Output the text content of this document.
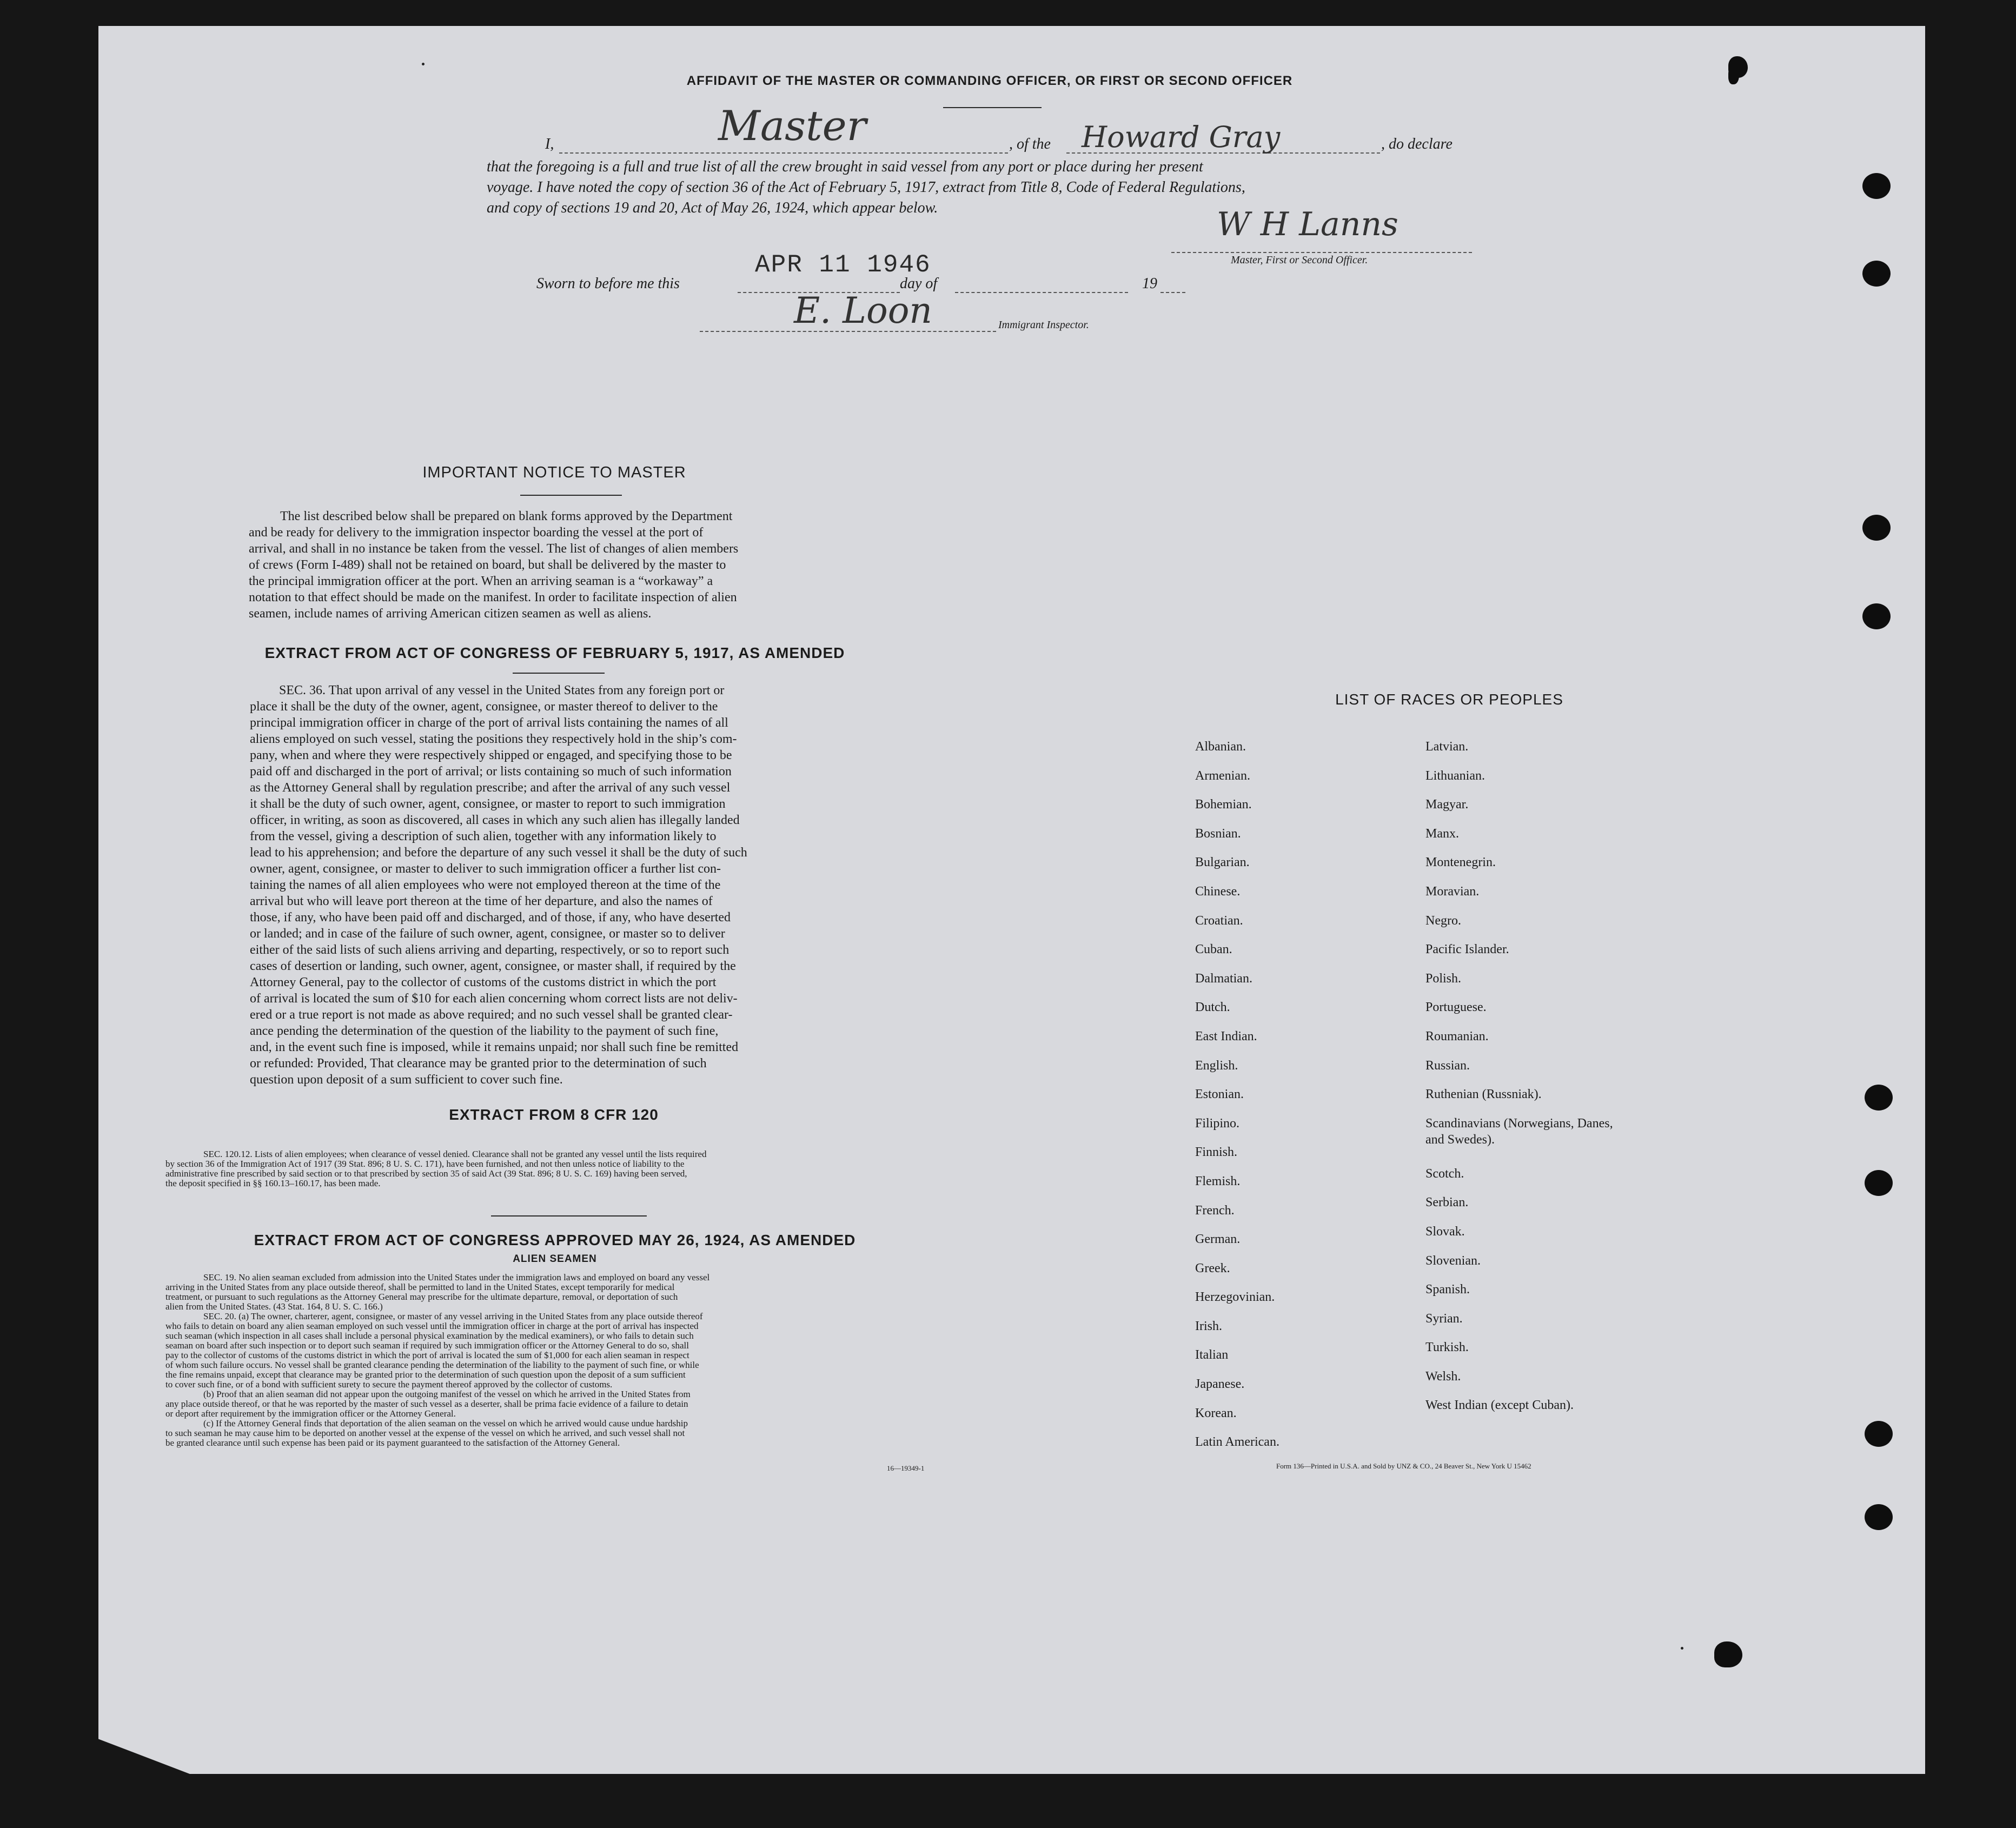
AFFIDAVIT OF THE MASTER OR COMMANDING OFFICER, OR FIRST OR SECOND OFFICER
I,	Master	, of the Howard Gray	, do declare
that the foregoing is a full and true list of all the crew brought in said vessel from any port or place during her present
voyage. I have noted the copy of section 36 of the Act of February 5, 1917, extract from Title 8, Code of Federal Regulations,
and copy of sections 19 and 20, Act of May 26, 1924, which appear below.	W H Lanns
Master, First or Second Officer.
Sworn to before me this
APR 11 1946
day of	19
E. Loon	Immigrant Inspector.
IMPORTANT NOTICE TO MASTER
The list described below shall be prepared on blank forms approved by the Department
and be ready for delivery to the immigration inspector boarding the vessel at the port of
arrival, and shall in no instance be taken from the vessel. The list of changes of alien members
of crews (Form I-489) shall not be retained on board, but shall be delivered by the master to
the principal immigration officer at the port. When an arriving seaman is a “workaway” a
notation to that effect should be made on the manifest. In order to facilitate inspection of alien
seamen, include names of arriving American citizen seamen as well as aliens.
EXTRACT FROM ACT OF CONGRESS OF FEBRUARY 5, 1917, AS AMENDED
SEC. 36. That upon arrival of any vessel in the United States from any foreign port or
place it shall be the duty of the owner, agent, consignee, or master thereof to deliver to the
principal immigration officer in charge of the port of arrival lists containing the names of all
aliens employed on such vessel, stating the positions they respectively hold in the ship’s com-
pany, when and where they were respectively shipped or engaged, and specifying those to be
paid off and discharged in the port of arrival; or lists containing so much of such information
as the Attorney General shall by regulation prescribe; and after the arrival of any such vessel
it shall be the duty of such owner, agent, consignee, or master to report to such immigration
officer, in writing, as soon as discovered, all cases in which any such alien has illegally landed
from the vessel, giving a description of such alien, together with any information likely to
lead to his apprehension; and before the departure of any such vessel it shall be the duty of such
owner, agent, consignee, or master to deliver to such immigration officer a further list con-
taining the names of all alien employees who were not employed thereon at the time of the
arrival but who will leave port thereon at the time of her departure, and also the names of
those, if any, who have been paid off and discharged, and of those, if any, who have deserted
or landed; and in case of the failure of such owner, agent, consignee, or master so to deliver
either of the said lists of such aliens arriving and departing, respectively, or so to report such
cases of desertion or landing, such owner, agent, consignee, or master shall, if required by the
Attorney General, pay to the collector of customs of the customs district in which the port
of arrival is located the sum of $10 for each alien concerning whom correct lists are not deliv-
ered or a true report is not made as above required; and no such vessel shall be granted clear-
ance pending the determination of the question of the liability to the payment of such fine,
and, in the event such fine is imposed, while it remains unpaid; nor shall such fine be remitted
or refunded: Provided, That clearance may be granted prior to the determination of such
question upon deposit of a sum sufficient to cover such fine.
EXTRACT FROM 8 CFR 120
SEC. 120.12. Lists of alien employees; when clearance of vessel denied. Clearance shall not be granted any vessel until the lists required
by section 36 of the Immigration Act of 1917 (39 Stat. 896; 8 U. S. C. 171), have been furnished, and not then unless notice of liability to the
administrative fine prescribed by said section or to that prescribed by section 35 of said Act (39 Stat. 896; 8 U. S. C. 169) having been served,
the deposit specified in §§ 160.13–160.17, has been made.
EXTRACT FROM ACT OF CONGRESS APPROVED MAY 26, 1924, AS AMENDED
ALIEN SEAMEN
SEC. 19. No alien seaman excluded from admission into the United States under the immigration laws and employed on board any vessel
arriving in the United States from any place outside thereof, shall be permitted to land in the United States, except temporarily for medical
treatment, or pursuant to such regulations as the Attorney General may prescribe for the ultimate departure, removal, or deportation of such
alien from the United States. (43 Stat. 164, 8 U. S. C. 166.)
SEC. 20. (a) The owner, charterer, agent, consignee, or master of any vessel arriving in the United States from any place outside thereof
who fails to detain on board any alien seaman employed on such vessel until the immigration officer in charge at the port of arrival has inspected
such seaman (which inspection in all cases shall include a personal physical examination by the medical examiners), or who fails to detain such
seaman on board after such inspection or to deport such seaman if required by such immigration officer or the Attorney General to do so, shall
pay to the collector of customs of the customs district in which the port of arrival is located the sum of $1,000 for each alien seaman in respect
of whom such failure occurs. No vessel shall be granted clearance pending the determination of the liability to the payment of such fine, or while
the fine remains unpaid, except that clearance may be granted prior to the determination of such question upon the deposit of a sum sufficient
to cover such fine, or of a bond with sufficient surety to secure the payment thereof approved by the collector of customs.
(b) Proof that an alien seaman did not appear upon the outgoing manifest of the vessel on which he arrived in the United States from
any place outside thereof, or that he was reported by the master of such vessel as a deserter, shall be prima facie evidence of a failure to detain
or deport after requirement by the immigration officer or the Attorney General.
(c) If the Attorney General finds that deportation of the alien seaman on the vessel on which he arrived would cause undue hardship
to such seaman he may cause him to be deported on another vessel at the expense of the vessel on which he arrived, and such vessel shall not
be granted clearance until such expense has been paid or its payment guaranteed to the satisfaction of the Attorney General.
16—19349-1
LIST OF RACES OR PEOPLES
Albanian.
Armenian.
Bohemian.
Bosnian.
Bulgarian.
Chinese.
Croatian.
Cuban.
Dalmatian.
Dutch.
East Indian.
English.
Estonian.
Filipino.
Finnish.
Flemish.
French.
German.
Greek.
Herzegovinian.
Irish.
Italian
Japanese.
Korean.
Latin American.
Latvian.
Lithuanian.
Magyar.
Manx.
Montenegrin.
Moravian.
Negro.
Pacific Islander.
Polish.
Portuguese.
Roumanian.
Russian.
Ruthenian (Russniak).
Scandinavians (Norwegians, Danes, and Swedes).
Scotch.
Serbian.
Slovak.
Slovenian.
Spanish.
Syrian.
Turkish.
Welsh.
West Indian (except Cuban).
Form 136—Printed in U.S.A. and Sold by UNZ & CO., 24 Beaver St., New York U 15462
